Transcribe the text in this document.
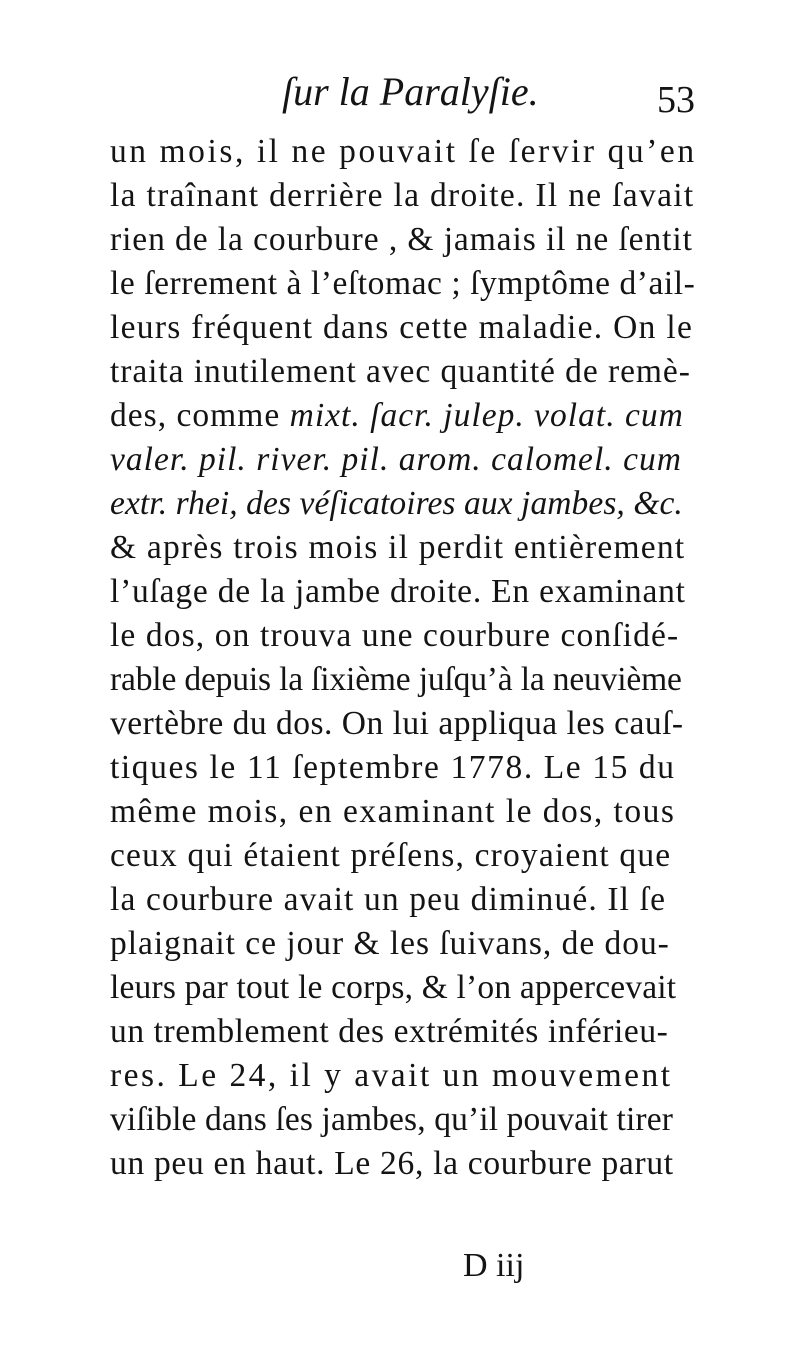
ſur la Paralyſie.	53
un mois, il ne pouvait ſe ſervir qu’en
la traînant derrière la droite. Il ne ſavait
rien de la courbure , & jamais il ne ſentit
le ſerrement à l’eſtomac ; ſymptôme d’ail-
leurs fréquent dans cette maladie. On le
traita inutilement avec quantité de remè-
des, comme mixt. ſacr. julep. volat. cum
valer. pil. river. pil. arom. calomel. cum
extr. rhei, des véſicatoires aux jambes, &c.
& après trois mois il perdit entièrement
l’uſage de la jambe droite. En examinant
le dos, on trouva une courbure conſidé-
rable depuis la ſixième juſqu’à la neuvième
vertèbre du dos. On lui appliqua les cauſ-
tiques le 11 ſeptembre 1778. Le 15 du
même mois, en examinant le dos, tous
ceux qui étaient préſens, croyaient que
la courbure avait un peu diminué. Il ſe
plaignait ce jour & les ſuivans, de dou-
leurs par tout le corps, & l’on appercevait
un tremblement des extrémités inférieu-
res. Le 24, il y avait un mouvement
viſible dans ſes jambes, qu’il pouvait tirer
un peu en haut. Le 26, la courbure parut
D iij
